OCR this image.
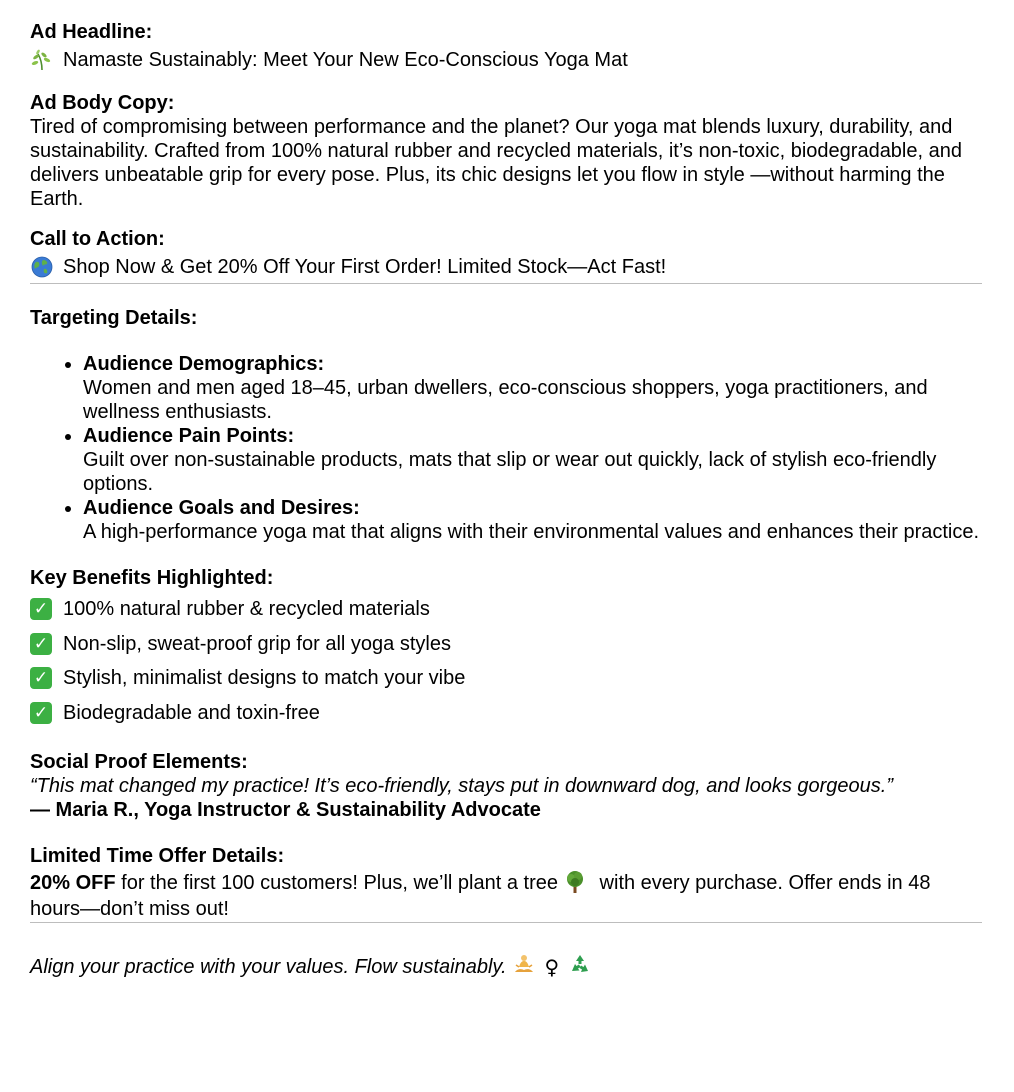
Ad Headline:
Namaste Sustainably: Meet Your New Eco-Conscious Yoga Mat
Ad Body Copy:

Tired of compromising between performance and the planet? Our yoga mat blends luxury, durability, and sustainability. Crafted from 100% natural rubber and recycled materials, it’s non-toxic, biodegradable, and delivers unbeatable grip for every pose. Plus, its chic designs let you flow in style —without harming the Earth.

Call to Action:
Shop Now & Get 20% Off Your First Order! Limited Stock—Act Fast!
Targeting Details:
Audience Demographics:
Women and men aged 18–45, urban dwellers, eco-conscious shoppers, yoga practitioners, and wellness enthusiasts.
Audience Pain Points:
Guilt over non-sustainable products, mats that slip or wear out quickly, lack of stylish eco-friendly options.
Audience Goals and Desires:
A high-performance yoga mat that aligns with their environmental values and enhances their practice.
Key Benefits Highlighted:
✓ 100% natural rubber & recycled materials
✓ Non-slip, sweat-proof grip for all yoga styles
✓ Stylish, minimalist designs to match your vibe
✓ Biodegradable and toxin-free
Social Proof Elements:

“This mat changed my practice! It’s eco-friendly, stays put in downward dog, and looks gorgeous.”

— Maria R., Yoga Instructor & Sustainability Advocate

Limited Time Offer Details:

20% OFF for the first 100 customers! Plus, we’ll plant a tree with every purchase. Offer ends in 48 hours—don’t miss out!

Align your practice with your values. Flow sustainably. ♀
